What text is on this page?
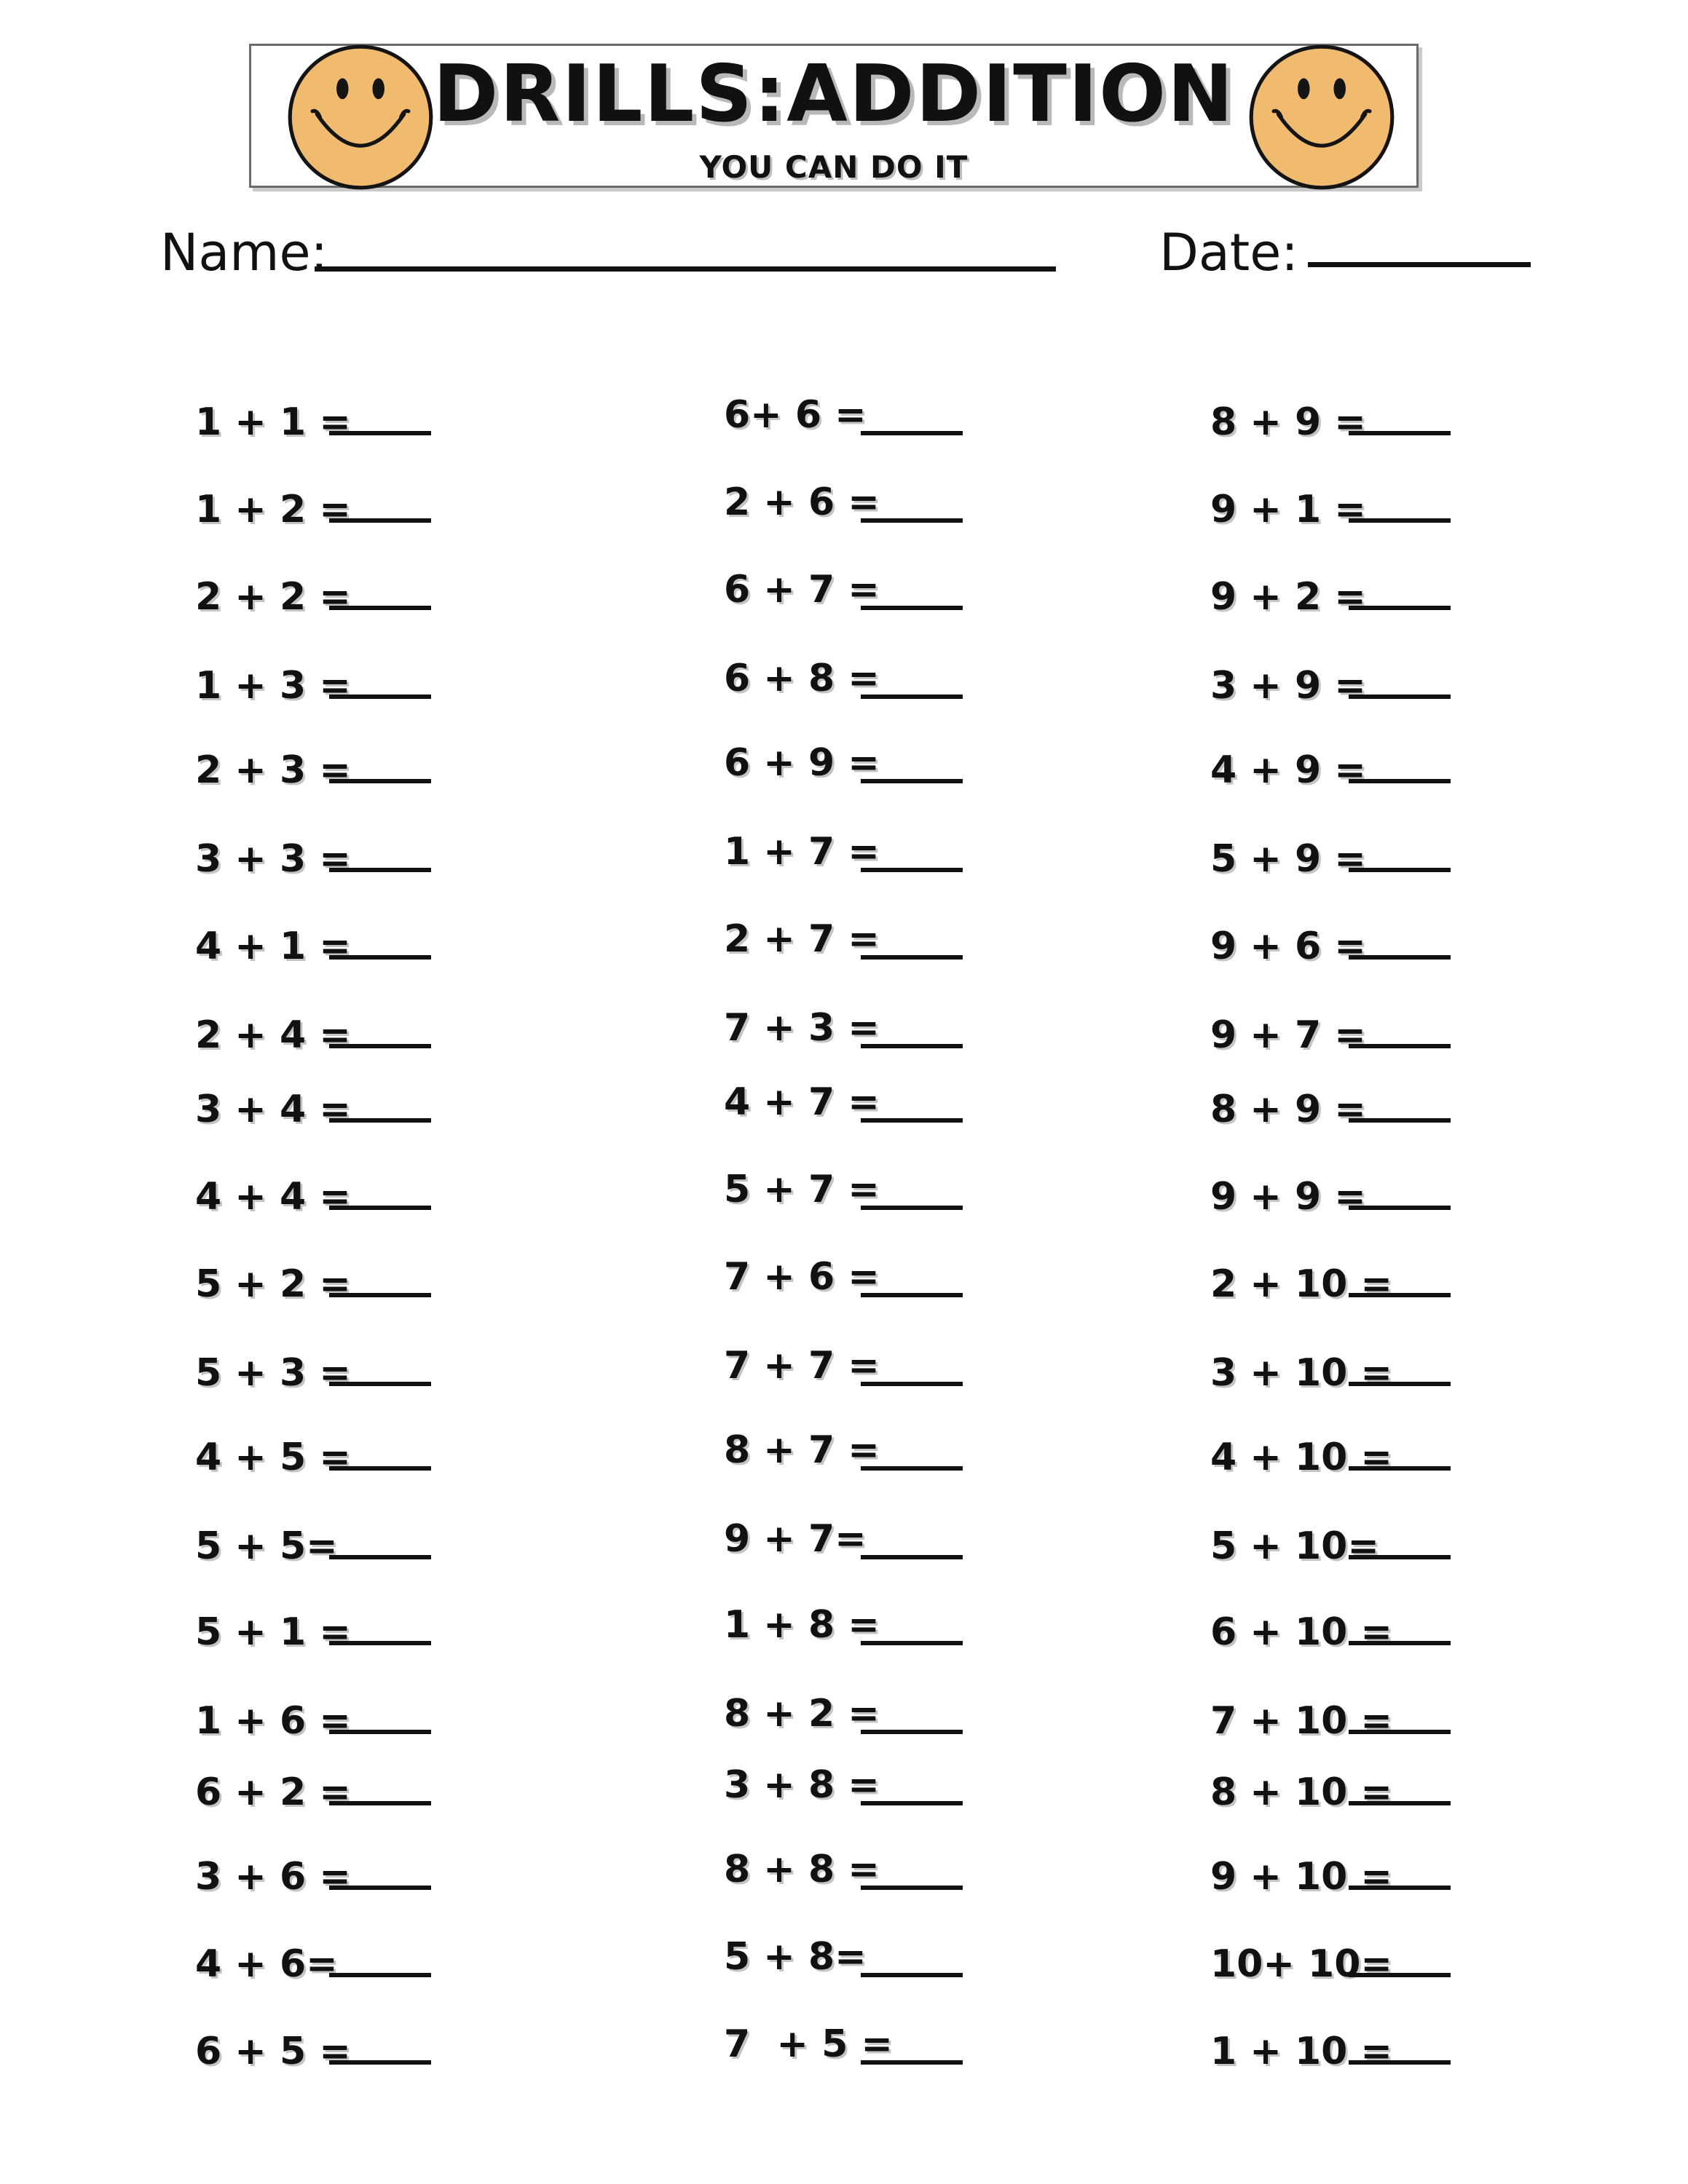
DRILLS:ADDITION
YOU CAN DO IT
Name:	Date:
1 + 1 =
1 + 2 =
2 + 2 =
1 + 3 =
2 + 3 =
3 + 3 =
4 + 1 =
2 + 4 =
3 + 4 =
4 + 4 =
5 + 2 =
5 + 3 =
4 + 5 =
5 + 5=
5 + 1 =
1 + 6 =
6 + 2 =
3 + 6 =
4 + 6=
6 + 5 =
6+ 6 =
2 + 6 =
6 + 7 =
6 + 8 =
6 + 9 =
1 + 7 =
2 + 7 =
7 + 3 =
4 + 7 =
5 + 7 =
7 + 6 =
7 + 7 =
8 + 7 =
9 + 7=
1 + 8 =
8 + 2 =
3 + 8 =
8 + 8 =
5 + 8=
7  + 5 =
8 + 9 =
9 + 1 =
9 + 2 =
3 + 9 =
4 + 9 =
5 + 9 =
9 + 6 =
9 + 7 =
8 + 9 =
9 + 9 =
2 + 10 =
3 + 10 =
4 + 10 =
5 + 10=
6 + 10 =
7 + 10 =
8 + 10 =
9 + 10 =
10+ 10=
1 + 10 =
